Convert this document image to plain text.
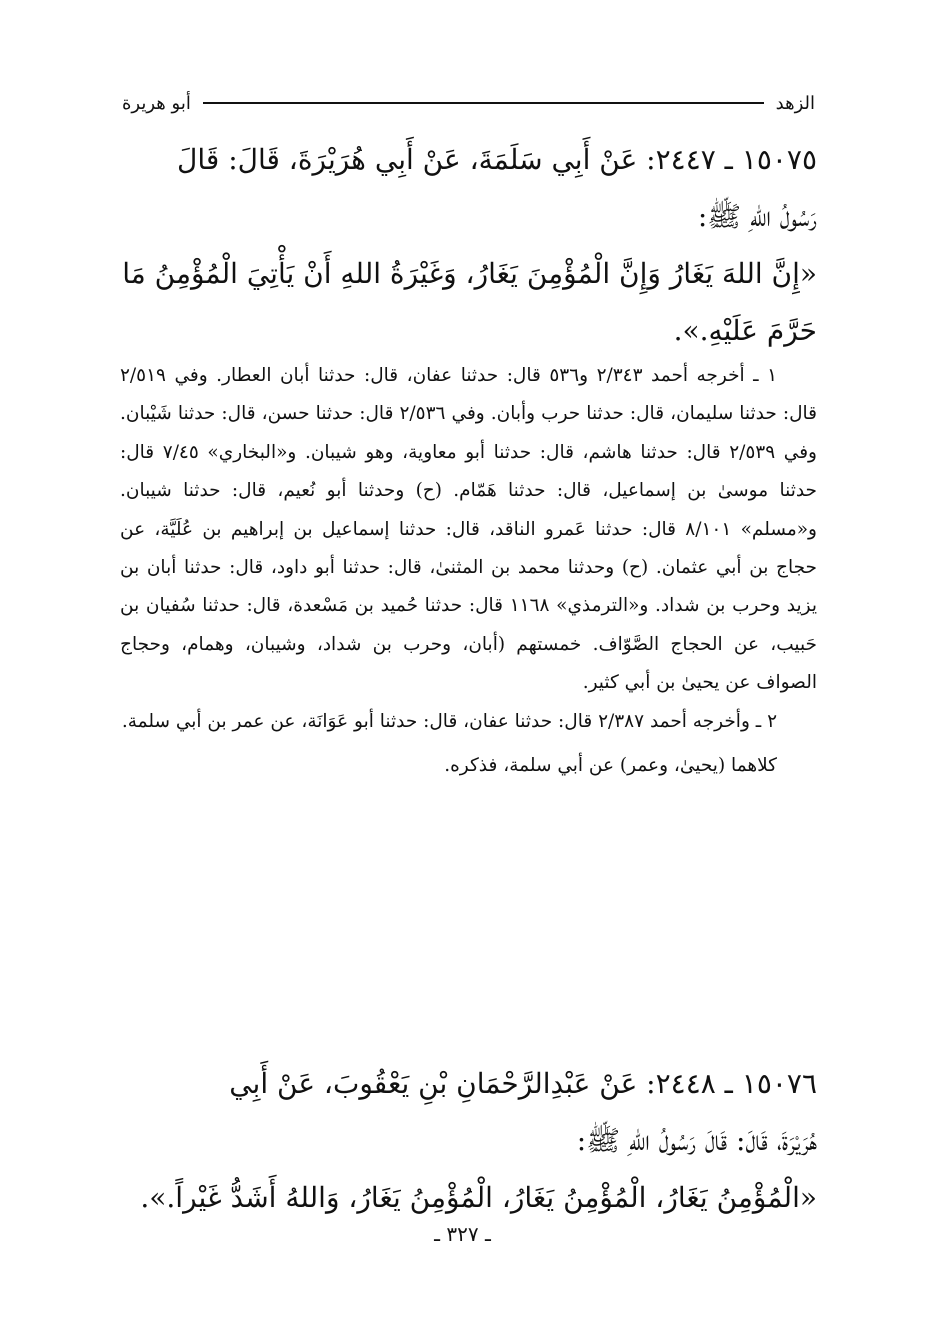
الزهد
أبو هريرة
١٥٠٧٥ ـ ٢٤٤٧: عَنْ أَبِي سَلَمَةَ، عَنْ أَبِي هُرَيْرَةَ، قَالَ: قَالَ
رَسُولُ اللهِ ﷺ:
«إِنَّ اللهَ يَغَارُ وَإِنَّ الْمُؤْمِنَ يَغَارُ، وَغَيْرَةُ اللهِ أَنْ يَأْتِيَ الْمُؤْمِنُ مَا
حَرَّمَ عَلَيْهِ.».

١ ـ أخرجه أحمد ٢/٣٤٣ و٥٣٦ قال: حدثنا عفان، قال: حدثنا أبان العطار. وفي ٢/٥١٩ قال: حدثنا سليمان، قال: حدثنا حرب وأبان. وفي ٢/٥٣٦ قال: حدثنا حسن، قال: حدثنا شَيْبان. وفي ٢/٥٣٩ قال: حدثنا هاشم، قال: حدثنا أبو معاوية، وهو شيبان. و«البخاري» ٧/٤٥ قال: حدثنا موسىٰ بن إسماعيل، قال: حدثنا هَمّام. (ح) وحدثنا أبو نُعيم، قال: حدثنا شيبان. و«مسلم» ٨/١٠١ قال: حدثنا عَمرو الناقد، قال: حدثنا إسماعيل بن إبراهيم بن عُلَيَّة، عن حجاج بن أبي عثمان. (ح) وحدثنا محمد بن المثنىٰ، قال: حدثنا أبو داود، قال: حدثنا أبان بن يزيد وحرب بن شداد. و«الترمذي» ١١٦٨ قال: حدثنا حُميد بن مَسْعدة، قال: حدثنا سُفيان بن حَبيب، عن الحجاج الصَّوّاف. خمستهم (أبان، وحرب بن شداد، وشيبان، وهمام، وحجاج الصواف عن يحيىٰ بن أبي كثير.

٢ ـ وأخرجه أحمد ٢/٣٨٧ قال: حدثنا عفان، قال: حدثنا أبو عَوَانَة، عن عمر بن أبي سلمة.

كلاهما (يحيىٰ، وعمر) عن أبي سلمة، فذكره.

١٥٠٧٦ ـ ٢٤٤٨: عَنْ عَبْدِالرَّحْمَانِ بْنِ يَعْقُوبَ، عَنْ أَبِي
هُرَيْرَةَ، قَالَ: قَالَ رَسُولُ اللهِ ﷺ:
«الْمُؤْمِنُ يَغَارُ، الْمُؤْمِنُ يَغَارُ، الْمُؤْمِنُ يَغَارُ، وَاللهُ أَشَدُّ غَيْراً.».
ـ ٣٢٧ ـ
